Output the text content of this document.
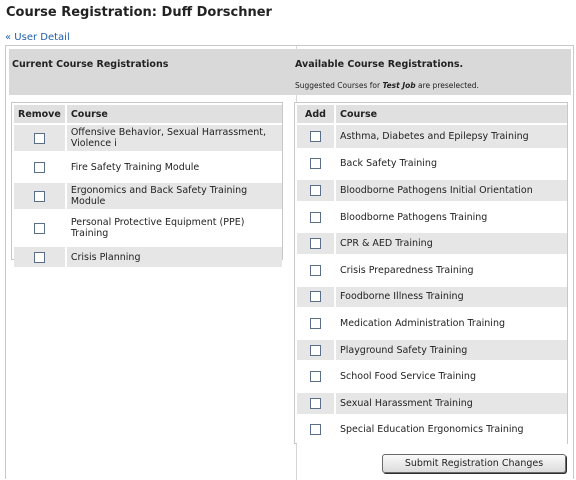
Course Registration: Duff Dorschner
« User Detail
Current Course Registrations	Available Course Registrations.
Suggested Courses for Test Job are preselected.
Remove	Course
	Offensive Behavior, Sexual Harrassment, Violence i
	Fire Safety Training Module
	Ergonomics and Back Safety Training Module
	Personal Protective Equipment (PPE) Training
	Crisis Planning
Add	Course
	Asthma, Diabetes and Epilepsy Training
	Back Safety Training
	Bloodborne Pathogens Initial Orientation
	Bloodborne Pathogens Training
	CPR & AED Training
	Crisis Preparedness Training
	Foodborne Illness Training
	Medication Administration Training
	Playground Safety Training
	School Food Service Training
	Sexual Harassment Training
	Special Education Ergonomics Training
Submit Registration Changes
